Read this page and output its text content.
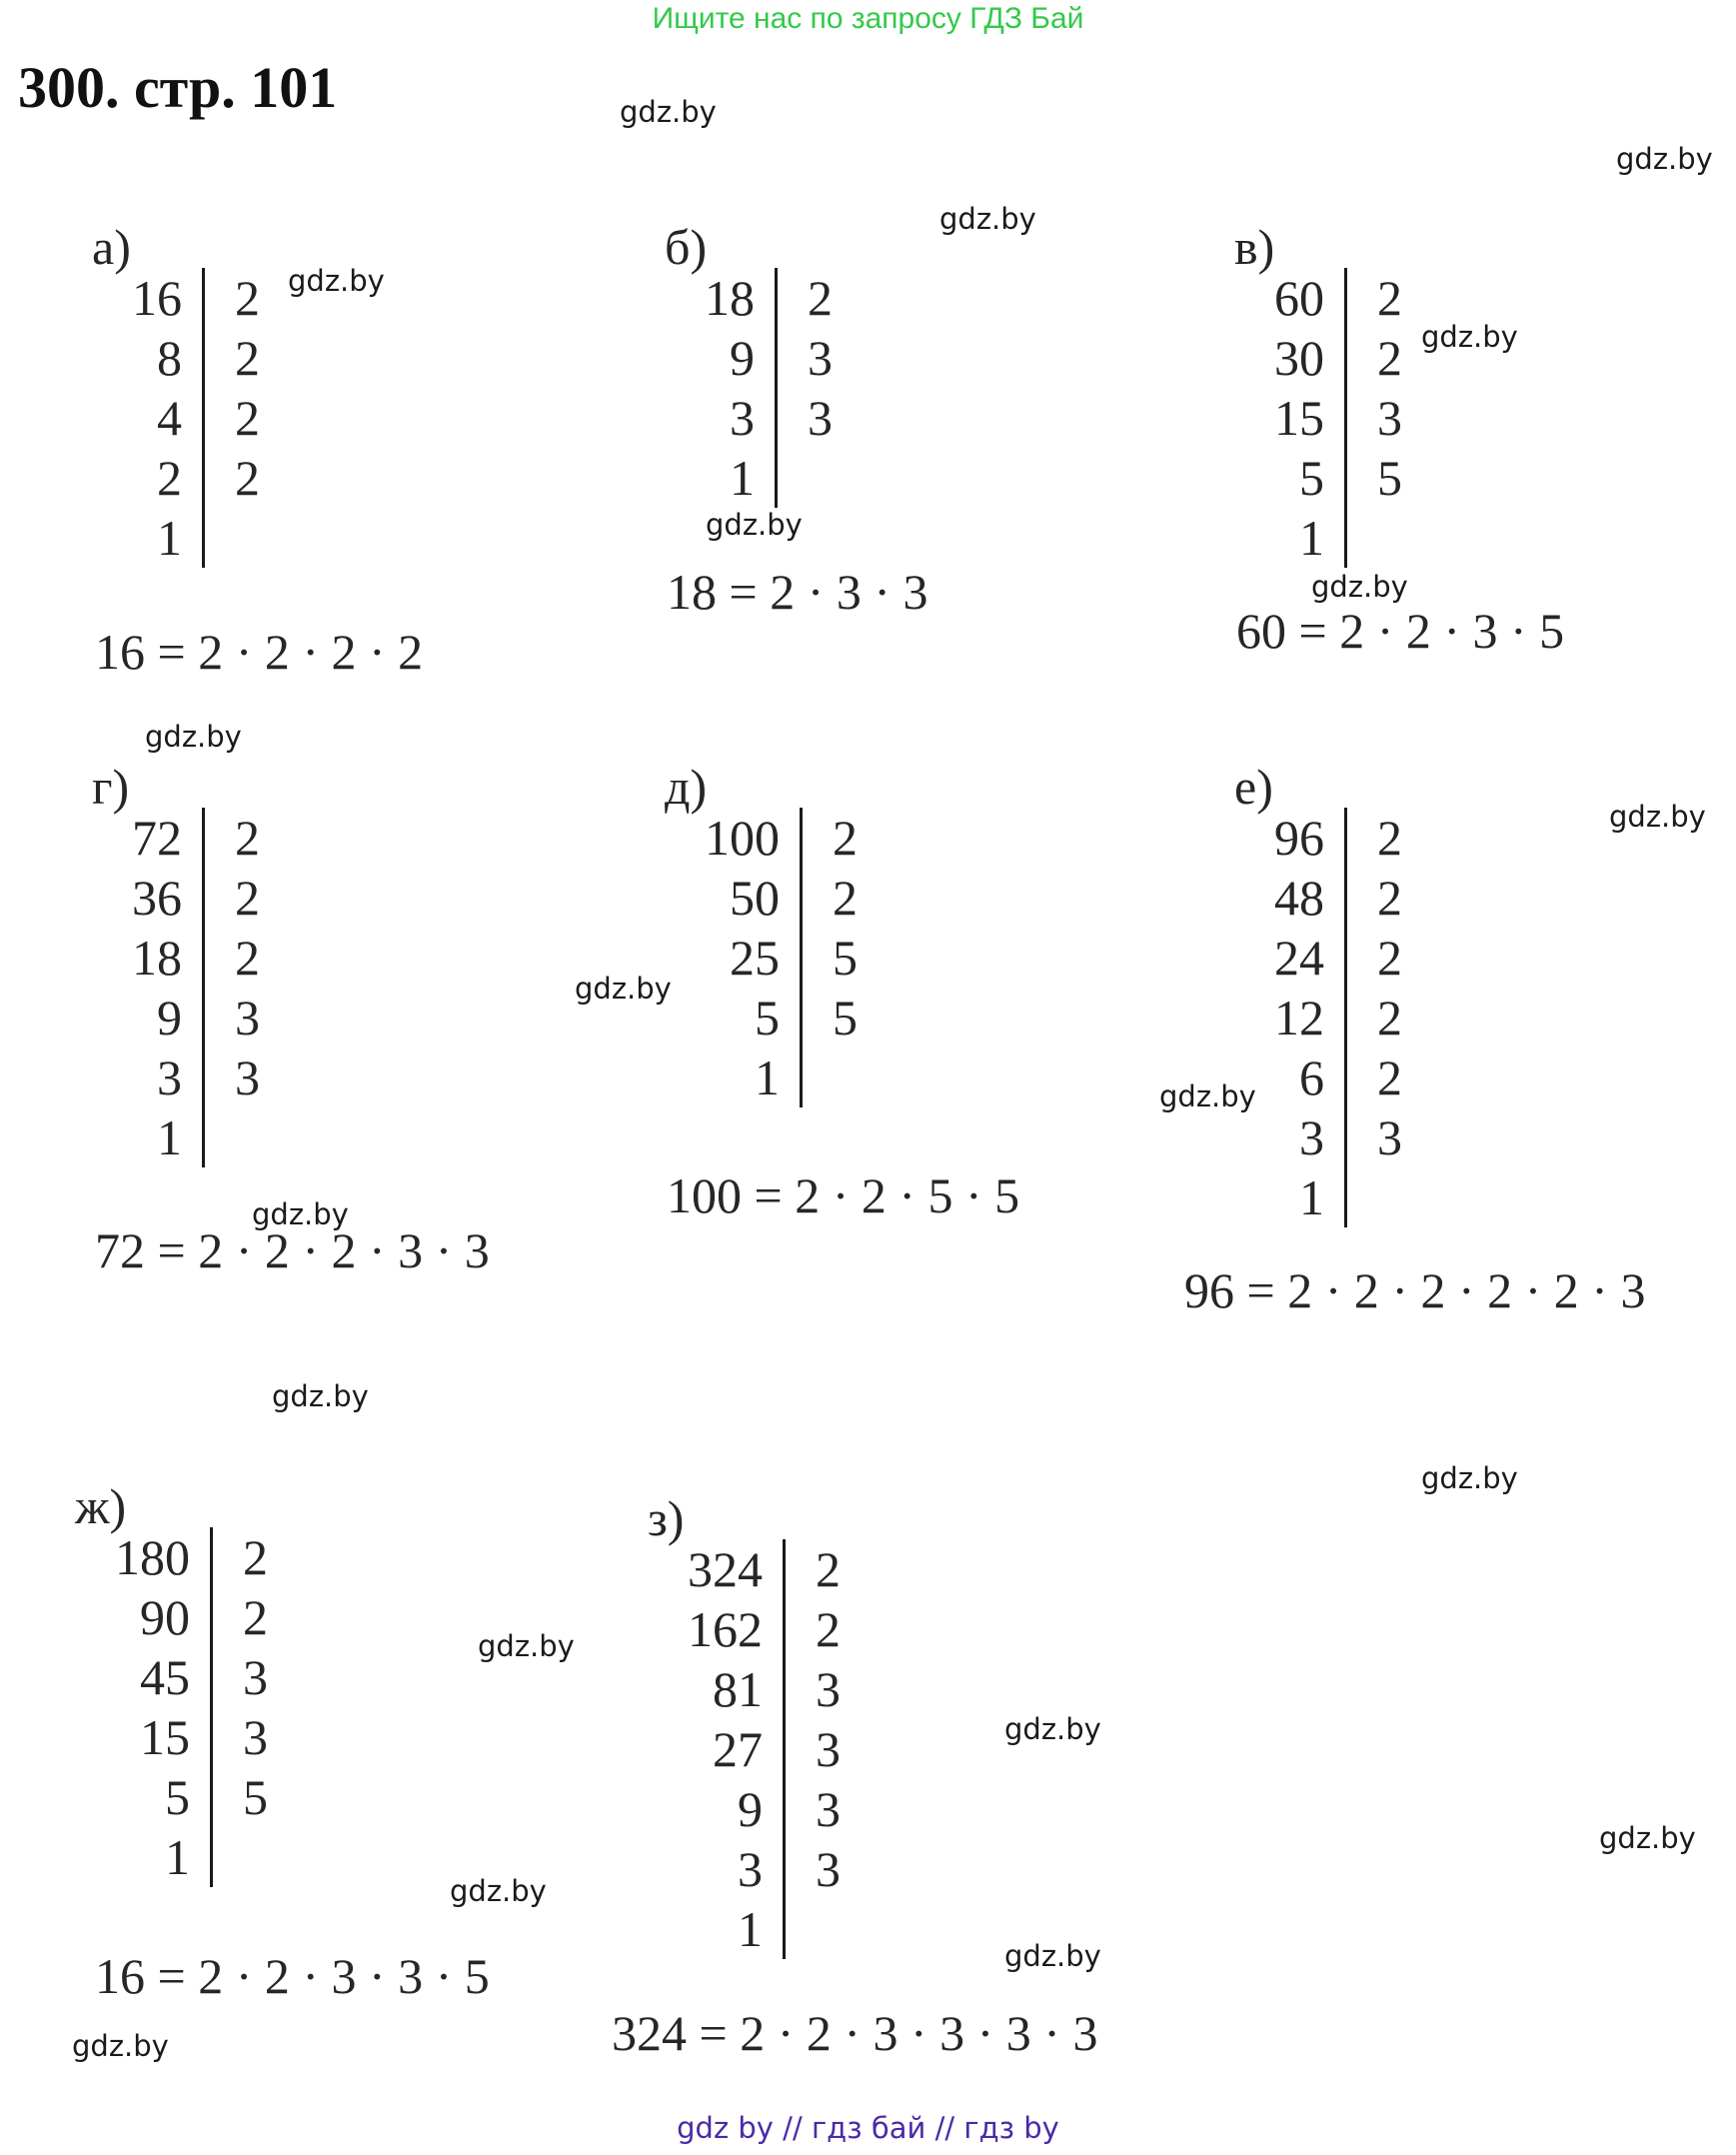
Ищите нас по запросу ГДЗ Бай
300. стр. 101	gdz.by
gdz.by
gdz.by
gdz.by
gdz.by
gdz.by
gdz.by
gdz.by
gdz.by
gdz.by
gdz.by
gdz.by
gdz.by
gdz.by
gdz.by
gdz.by
gdz.by
gdz.by
gdz.by
gdz.by
а)
16	2
8	2
4	2
2	2
1	
16 = 2 · 2 · 2 · 2
б)
18	2
9	3
3	3
1	
18 = 2 · 3 · 3
в)
60	2
30	2
15	3
5	5
1	
60 = 2 · 2 · 3 · 5
г)
72	2
36	2
18	2
9	3
3	3
1	
72 = 2 · 2 · 2 · 3 · 3
д)
100	2
50	2
25	5
5	5
1	
100 = 2 · 2 · 5 · 5
е)
96	2
48	2
24	2
12	2
6	2
3	3
1	
96 = 2 · 2 · 2 · 2 · 2 · 3
ж)
180	2
90	2
45	3
15	3
5	5
1	
16 = 2 · 2 · 3 · 3 · 5
з)
324	2
162	2
81	3
27	3
9	3
3	3
1	
324 = 2 · 2 · 3 · 3 · 3 · 3
gdz by // гдз бай // гдз by
